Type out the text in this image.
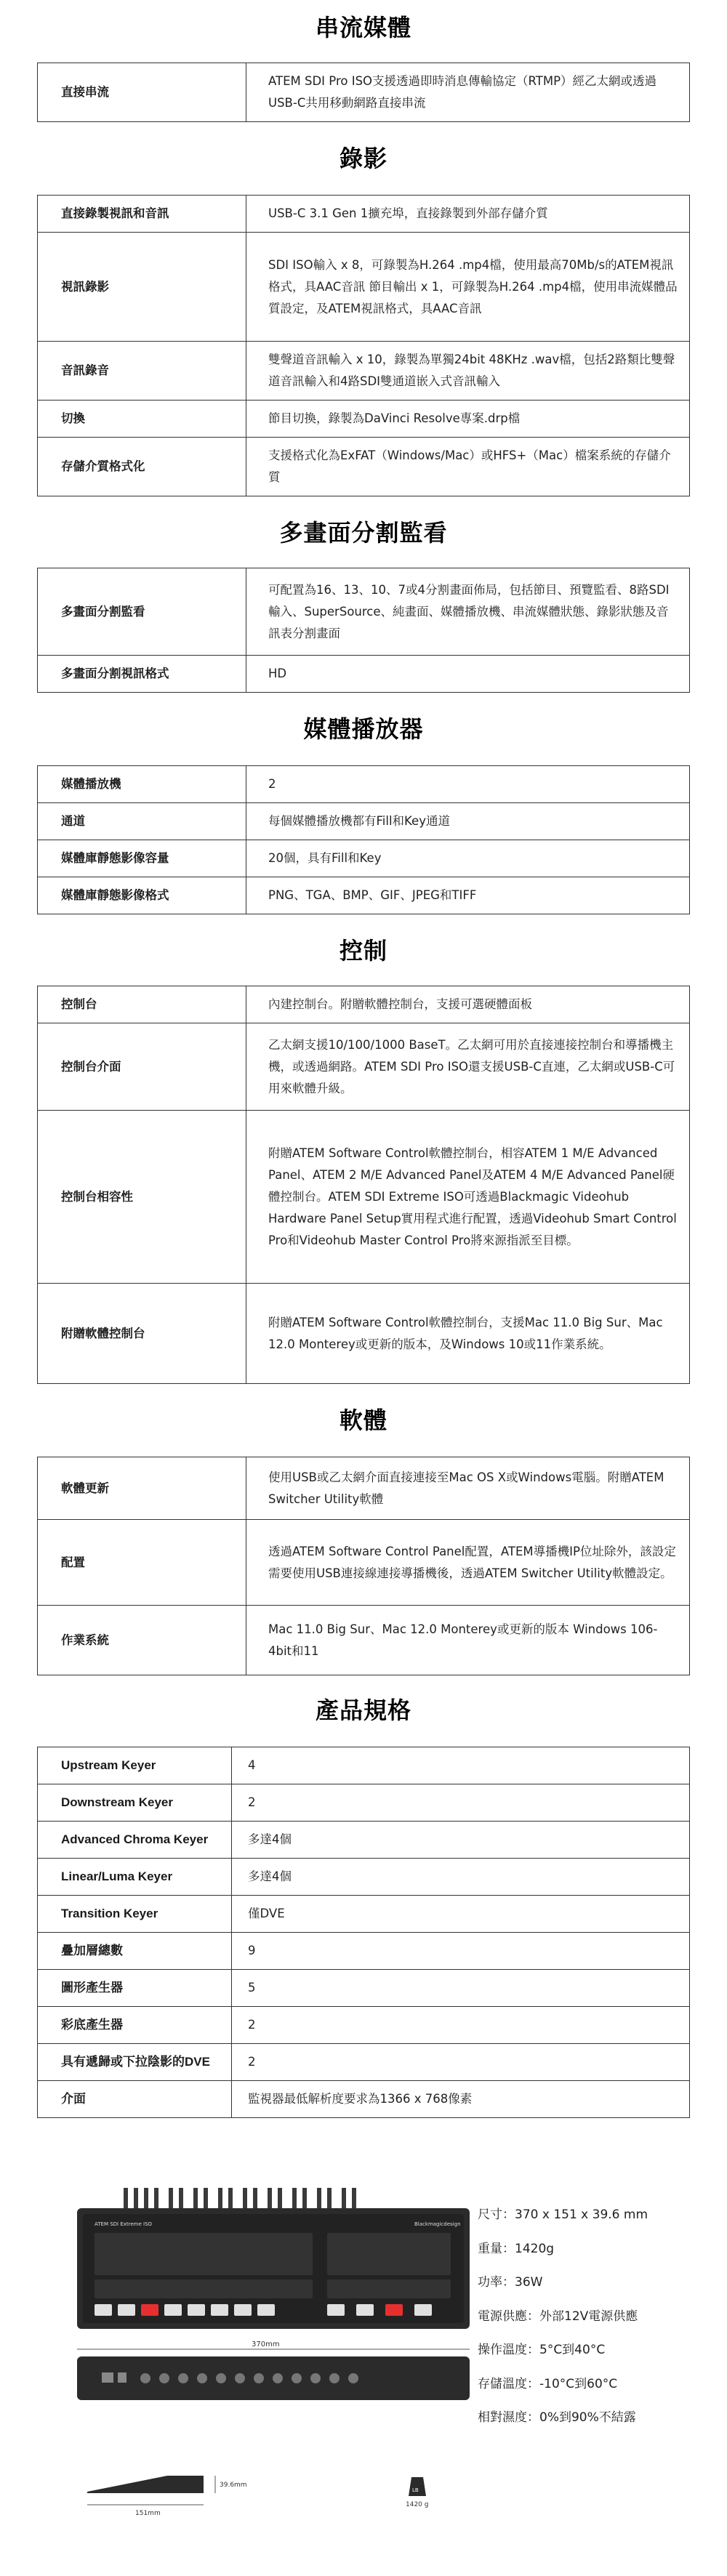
串流媒體
直接串流	ATEM SDI Pro ISO支援透過即時消息傳輸協定（RTMP）經乙太網或透過USB-C共用移動網路直接串流
錄影
直接錄製視訊和音訊	USB-C 3.1 Gen 1擴充埠，直接錄製到外部存儲介質
視訊錄影	SDI ISO輸入 x 8，可錄製為H.264 .mp4檔，使用最高70Mb/s的ATEM視訊格式，具AAC音訊 節目輸出 x 1，可錄製為H.264 .mp4檔，使用串流媒體品質設定，及ATEM視訊格式，具AAC音訊
音訊錄音	雙聲道音訊輸入 x 10，錄製為單獨24bit 48KHz .wav檔，包括2路類比雙聲道音訊輸入和4路SDI雙通道嵌入式音訊輸入
切換	節目切換，錄製為DaVinci Resolve專案.drp檔
存儲介質格式化	支援格式化為ExFAT（Windows/Mac）或HFS+（Mac）檔案系統的存儲介質
多畫面分割監看
多畫面分割監看	可配置為16、13、10、7或4分割畫面佈局，包括節目、預覽監看、8路SDI輸入、SuperSource、純畫面、媒體播放機、串流媒體狀態、錄影狀態及音訊表分割畫面
多畫面分割視訊格式	HD
媒體播放器
媒體播放機	2
通道	每個媒體播放機都有Fill和Key通道
媒體庫靜態影像容量	20個，具有Fill和Key
媒體庫靜態影像格式	PNG、TGA、BMP、GIF、JPEG和TIFF
控制
控制台	內建控制台。附贈軟體控制台，支援可選硬體面板
控制台介面	乙太網支援10/100/1000 BaseT。乙太網可用於直接連接控制台和導播機主機，或透過網路。ATEM SDI Pro ISO還支援USB-C直連，乙太網或USB-C可用來軟體升級。
控制台相容性	附贈ATEM Software Control軟體控制台，相容ATEM 1 M/E Advanced Panel、ATEM 2 M/E Advanced Panel及ATEM 4 M/E Advanced Panel硬體控制台。ATEM SDI Extreme ISO可透過Blackmagic Videohub Hardware Panel Setup實用程式進行配置，透過Videohub Smart Control Pro和Videohub Master Control Pro將來源指派至目標。
附贈軟體控制台	附贈ATEM Software Control軟體控制台，支援Mac 11.0 Big Sur、Mac 12.0 Monterey或更新的版本，及Windows 10或11作業系統。
軟體
軟體更新	使用USB或乙太網介面直接連接至Mac OS X或Windows電腦。附贈ATEM Switcher Utility軟體
配置	透過ATEM Software Control Panel配置，ATEM導播機IP位址除外，該設定需要使用USB連接線連接導播機後，透過ATEM Switcher Utility軟體設定。
作業系統	Mac 11.0 Big Sur、Mac 12.0 Monterey或更新的版本 Windows 106-4bit和11
產品規格
Upstream Keyer	4
Downstream Keyer	2
Advanced Chroma Keyer	多達4個
Linear/Luma Keyer	多達4個
Transition Keyer	僅DVE
疊加層總數	9
圖形產生器	5
彩底產生器	2
具有遞歸或下拉陰影的DVE	2
介面	監視器最低解析度要求為1366 x 768像素
ATEM SDI Extreme ISO	Blackmagicdesign
370mm
39.6mm
151mm
LB
1420 g
尺寸：370 x 151 x 39.6 mm
重量：1420g
功率：36W
電源供應：外部12V電源供應
操作溫度：5°C到40°C
存儲溫度：-10°C到60°C
相對濕度：0%到90%不結露
